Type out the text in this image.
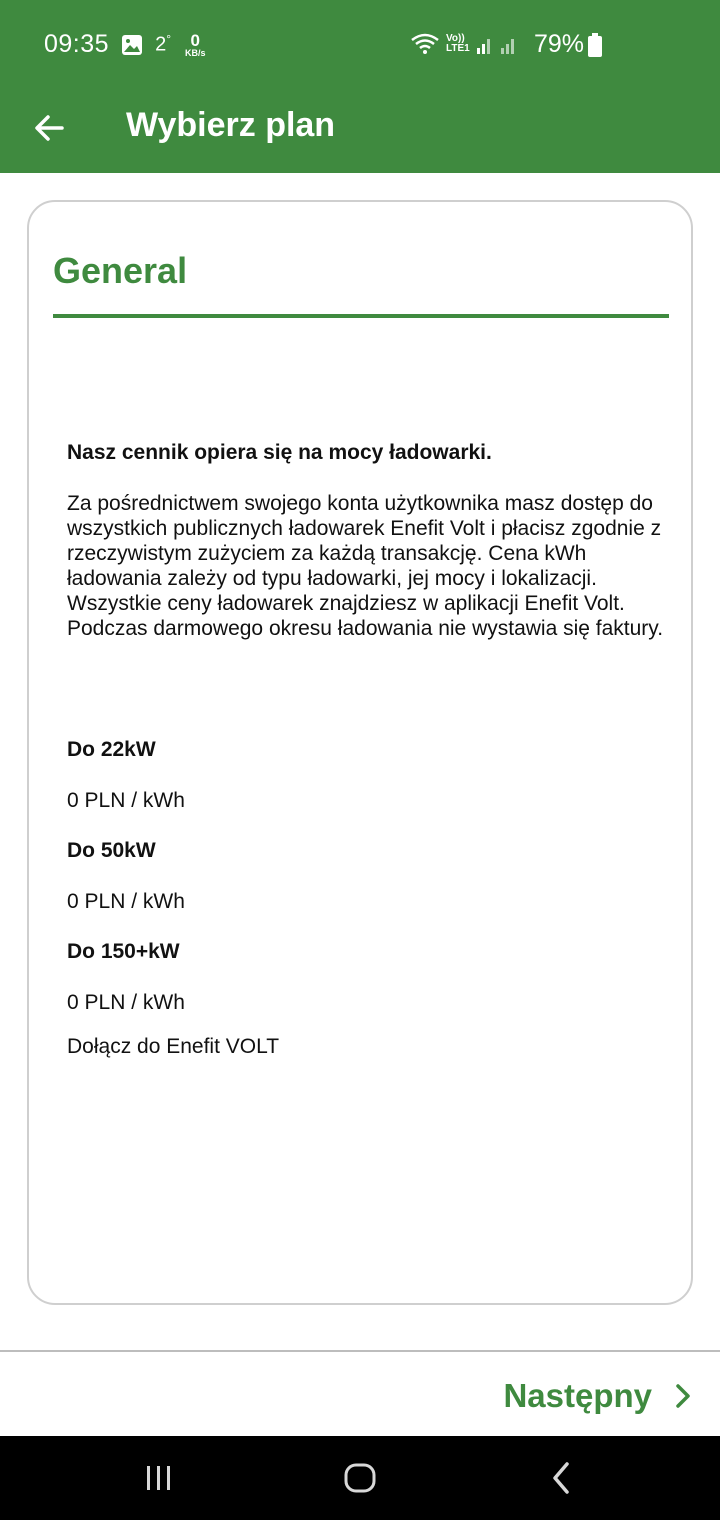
09:35 2° 0
KB/s
Vo))
LTE1	79%
Wybierz plan
General

Nasz cennik opiera się na mocy ładowarki.

Za pośrednictwem swojego konta użytkownika masz dostęp do wszystkich publicznych ładowarek Enefit Volt i płacisz zgodnie z rzeczywistym zużyciem za każdą transakcję. Cena kWh ładowania zależy od typu ładowarki, jej mocy i lokalizacji. Wszystkie ceny ładowarek znajdziesz w aplikacji Enefit Volt. Podczas darmowego okresu ładowania nie wystawia się faktury.

Do 22kW
0 PLN / kWh
Do 50kW
0 PLN / kWh
Do 150+kW
0 PLN / kWh
Dołącz do Enefit VOLT
Następny
